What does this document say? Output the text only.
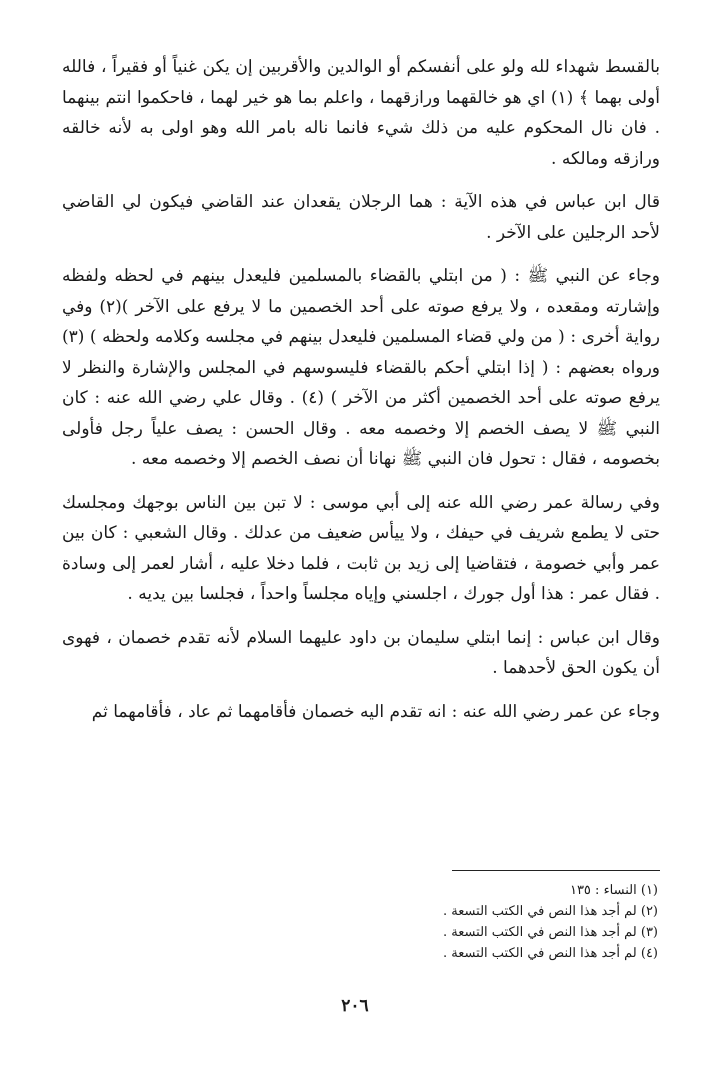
بالقسط شهداء لله ولو على أنفسكم أو الوالدين والأقربين إن يكن غنياً أو فقيراً ، فالله أولى بهما ﴾ (١) اي هو خالقهما ورازقهما ، واعلم بما هو خير لهما ، فاحكموا انتم بينهما . فان نال المحكوم عليه من ذلك شيء فانما ناله بامر الله وهو اولى به لأنه خالقه ورازقه ومالكه .

قال ابن عباس في هذه الآية : هما الرجلان يقعدان عند القاضي فيكون لي القاضي لأحد الرجلين على الآخر .

وجاء عن النبي ﷺ : ( من ابتلي بالقضاء بالمسلمين فليعدل بينهم في لحظه ولفظه وإشارته ومقعده ، ولا يرفع صوته على أحد الخصمين ما لا يرفع على الآخر )(٢) وفي رواية أخرى : ( من ولي قضاء المسلمين فليعدل بينهم في مجلسه وكلامه ولحظه ) (٣) ورواه بعضهم : ( إذا ابتلي أحكم بالقضاء فليسوسهم في المجلس والإشارة والنظر لا يرفع صوته على أحد الخصمين أكثر من الآخر ) (٤) . وقال علي رضي الله عنه : كان النبي ﷺ لا يصف الخصم إلا وخصمه معه . وقال الحسن : يصف علياً رجل فأولى بخصومه ، فقال : تحول فان النبي ﷺ نهانا أن نصف الخصم إلا وخصمه معه .

وفي رسالة عمر رضي الله عنه إلى أبي موسى : لا تبن بين الناس بوجهك ومجلسك حتى لا يطمع شريف في حيفك ، ولا ييأس ضعيف من عدلك . وقال الشعبي : كان بين عمر وأبي خصومة ، فتقاضيا إلى زيد بن ثابت ، فلما دخلا عليه ، أشار لعمر إلى وسادة . فقال عمر : هذا أول جورك ، اجلسني وإياه مجلساً واحداً ، فجلسا بين يديه .

وقال ابن عباس : إنما ابتلي سليمان بن داود عليهما السلام لأنه تقدم خصمان ، فهوى أن يكون الحق لأحدهما .

وجاء عن عمر رضي الله عنه : انه تقدم اليه خصمان فأقامهما ثم عاد ، فأقامهما ثم

(١) النساء : ١٣٥
(٢) لم أجد هذا النص في الكتب التسعة .
(٣) لم أجد هذا النص في الكتب التسعة .
(٤) لم أجد هذا النص في الكتب التسعة .
٢٠٦
